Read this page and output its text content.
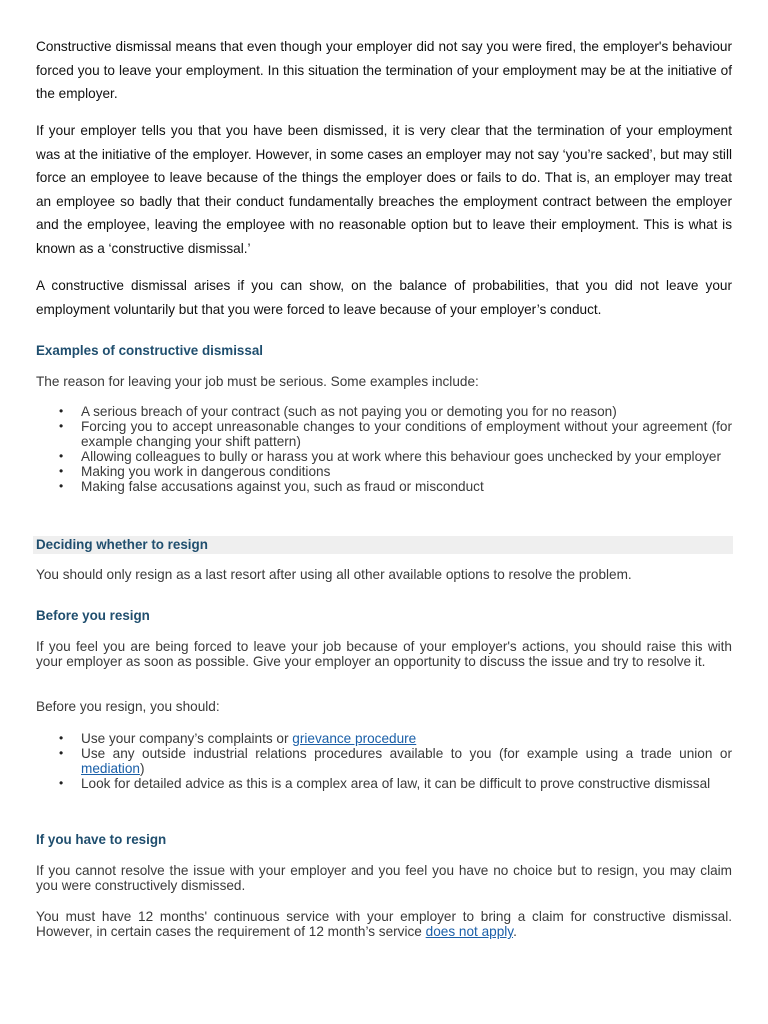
Constructive dismissal means that even though your employer did not say you were fired, the employer's behaviour forced you to leave your employment. In this situation the termination of your employment may be at the initiative of the employer.

If your employer tells you that you have been dismissed, it is very clear that the termination of your employment was at the initiative of the employer. However, in some cases an employer may not say ‘you’re sacked’, but may still force an employee to leave because of the things the employer does or fails to do. That is, an employer may treat an employee so badly that their conduct fundamentally breaches the employment contract between the employer and the employee, leaving the employee with no reasonable option but to leave their employment. This is what is known as a ‘constructive dismissal.’

A constructive dismissal arises if you can show, on the balance of probabilities, that you did not leave your employment voluntarily but that you were forced to leave because of your employer’s conduct.

Examples of constructive dismissal

The reason for leaving your job must be serious. Some examples include:

• A serious breach of your contract (such as not paying you or demoting you for no reason)
• Forcing you to accept unreasonable changes to your conditions of employment without your agreement (for example changing your shift pattern)
• Allowing colleagues to bully or harass you at work where this behaviour goes unchecked by your employer
• Making you work in dangerous conditions
• Making false accusations against you, such as fraud or misconduct
Deciding whether to resign

You should only resign as a last resort after using all other available options to resolve the problem.

Before you resign

If you feel you are being forced to leave your job because of your employer's actions, you should raise this with your employer as soon as possible. Give your employer an opportunity to discuss the issue and try to resolve it.

Before you resign, you should:

• Use your company’s complaints or grievance procedure
• Use any outside industrial relations procedures available to you (for example using a trade union or mediation)
• Look for detailed advice as this is a complex area of law, it can be difficult to prove constructive dismissal
If you have to resign

If you cannot resolve the issue with your employer and you feel you have no choice but to resign, you may claim you were constructively dismissed.

You must have 12 months' continuous service with your employer to bring a claim for constructive dismissal. However, in certain cases the requirement of 12 month’s service does not apply.
